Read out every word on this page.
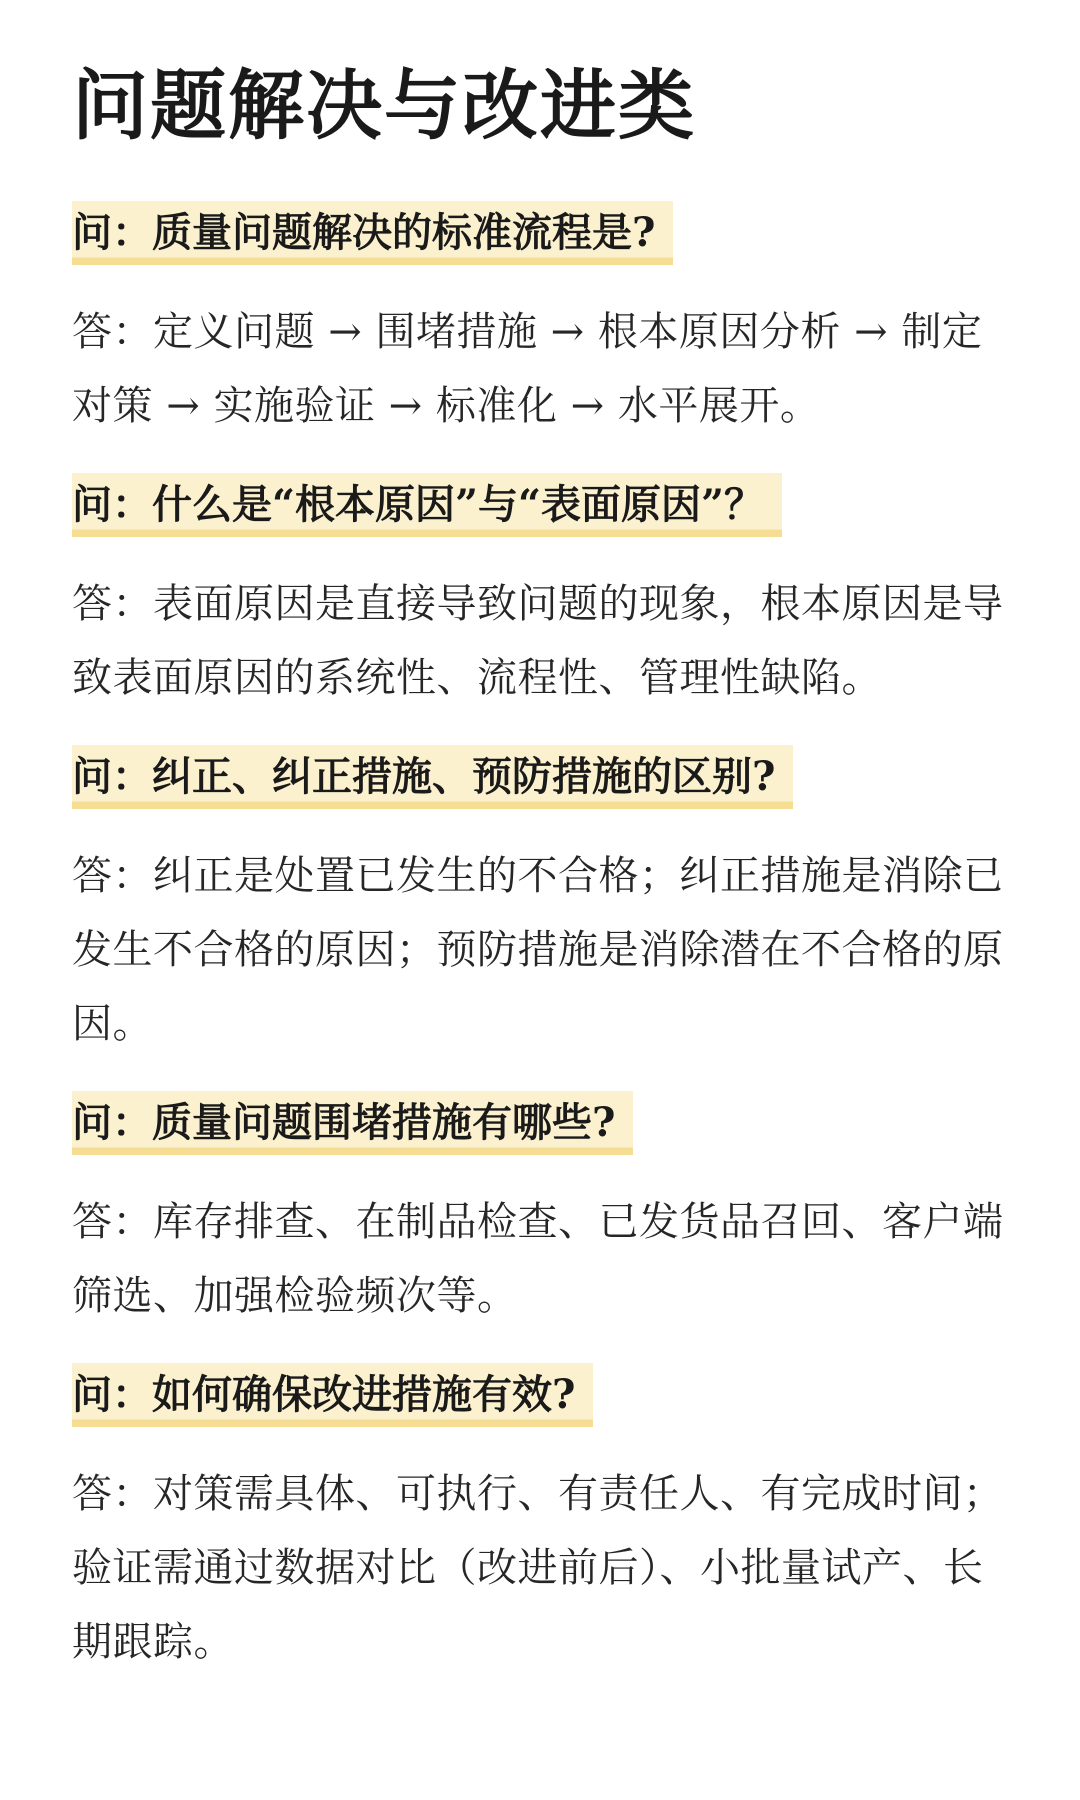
问题解决与改进类
问：质量问题解决的标准流程是?
答：定义问题 → 围堵措施 → 根本原因分析 → 制定对策 → 实施验证 → 标准化 → 水平展开。
问：什么是“根本原因”与“表面原因”？
答：表面原因是直接导致问题的现象，根本原因是导致表面原因的系统性、流程性、管理性缺陷。
问：纠正、纠正措施、预防措施的区别?
答：纠正是处置已发生的不合格；纠正措施是消除已发生不合格的原因；预防措施是消除潜在不合格的原因。
问：质量问题围堵措施有哪些?
答：库存排查、在制品检查、已发货品召回、客户端筛选、加强检验频次等。
问：如何确保改进措施有效?
答：对策需具体、可执行、有责任人、有完成时间；验证需通过数据对比（改进前后）、小批量试产、长期跟踪。
